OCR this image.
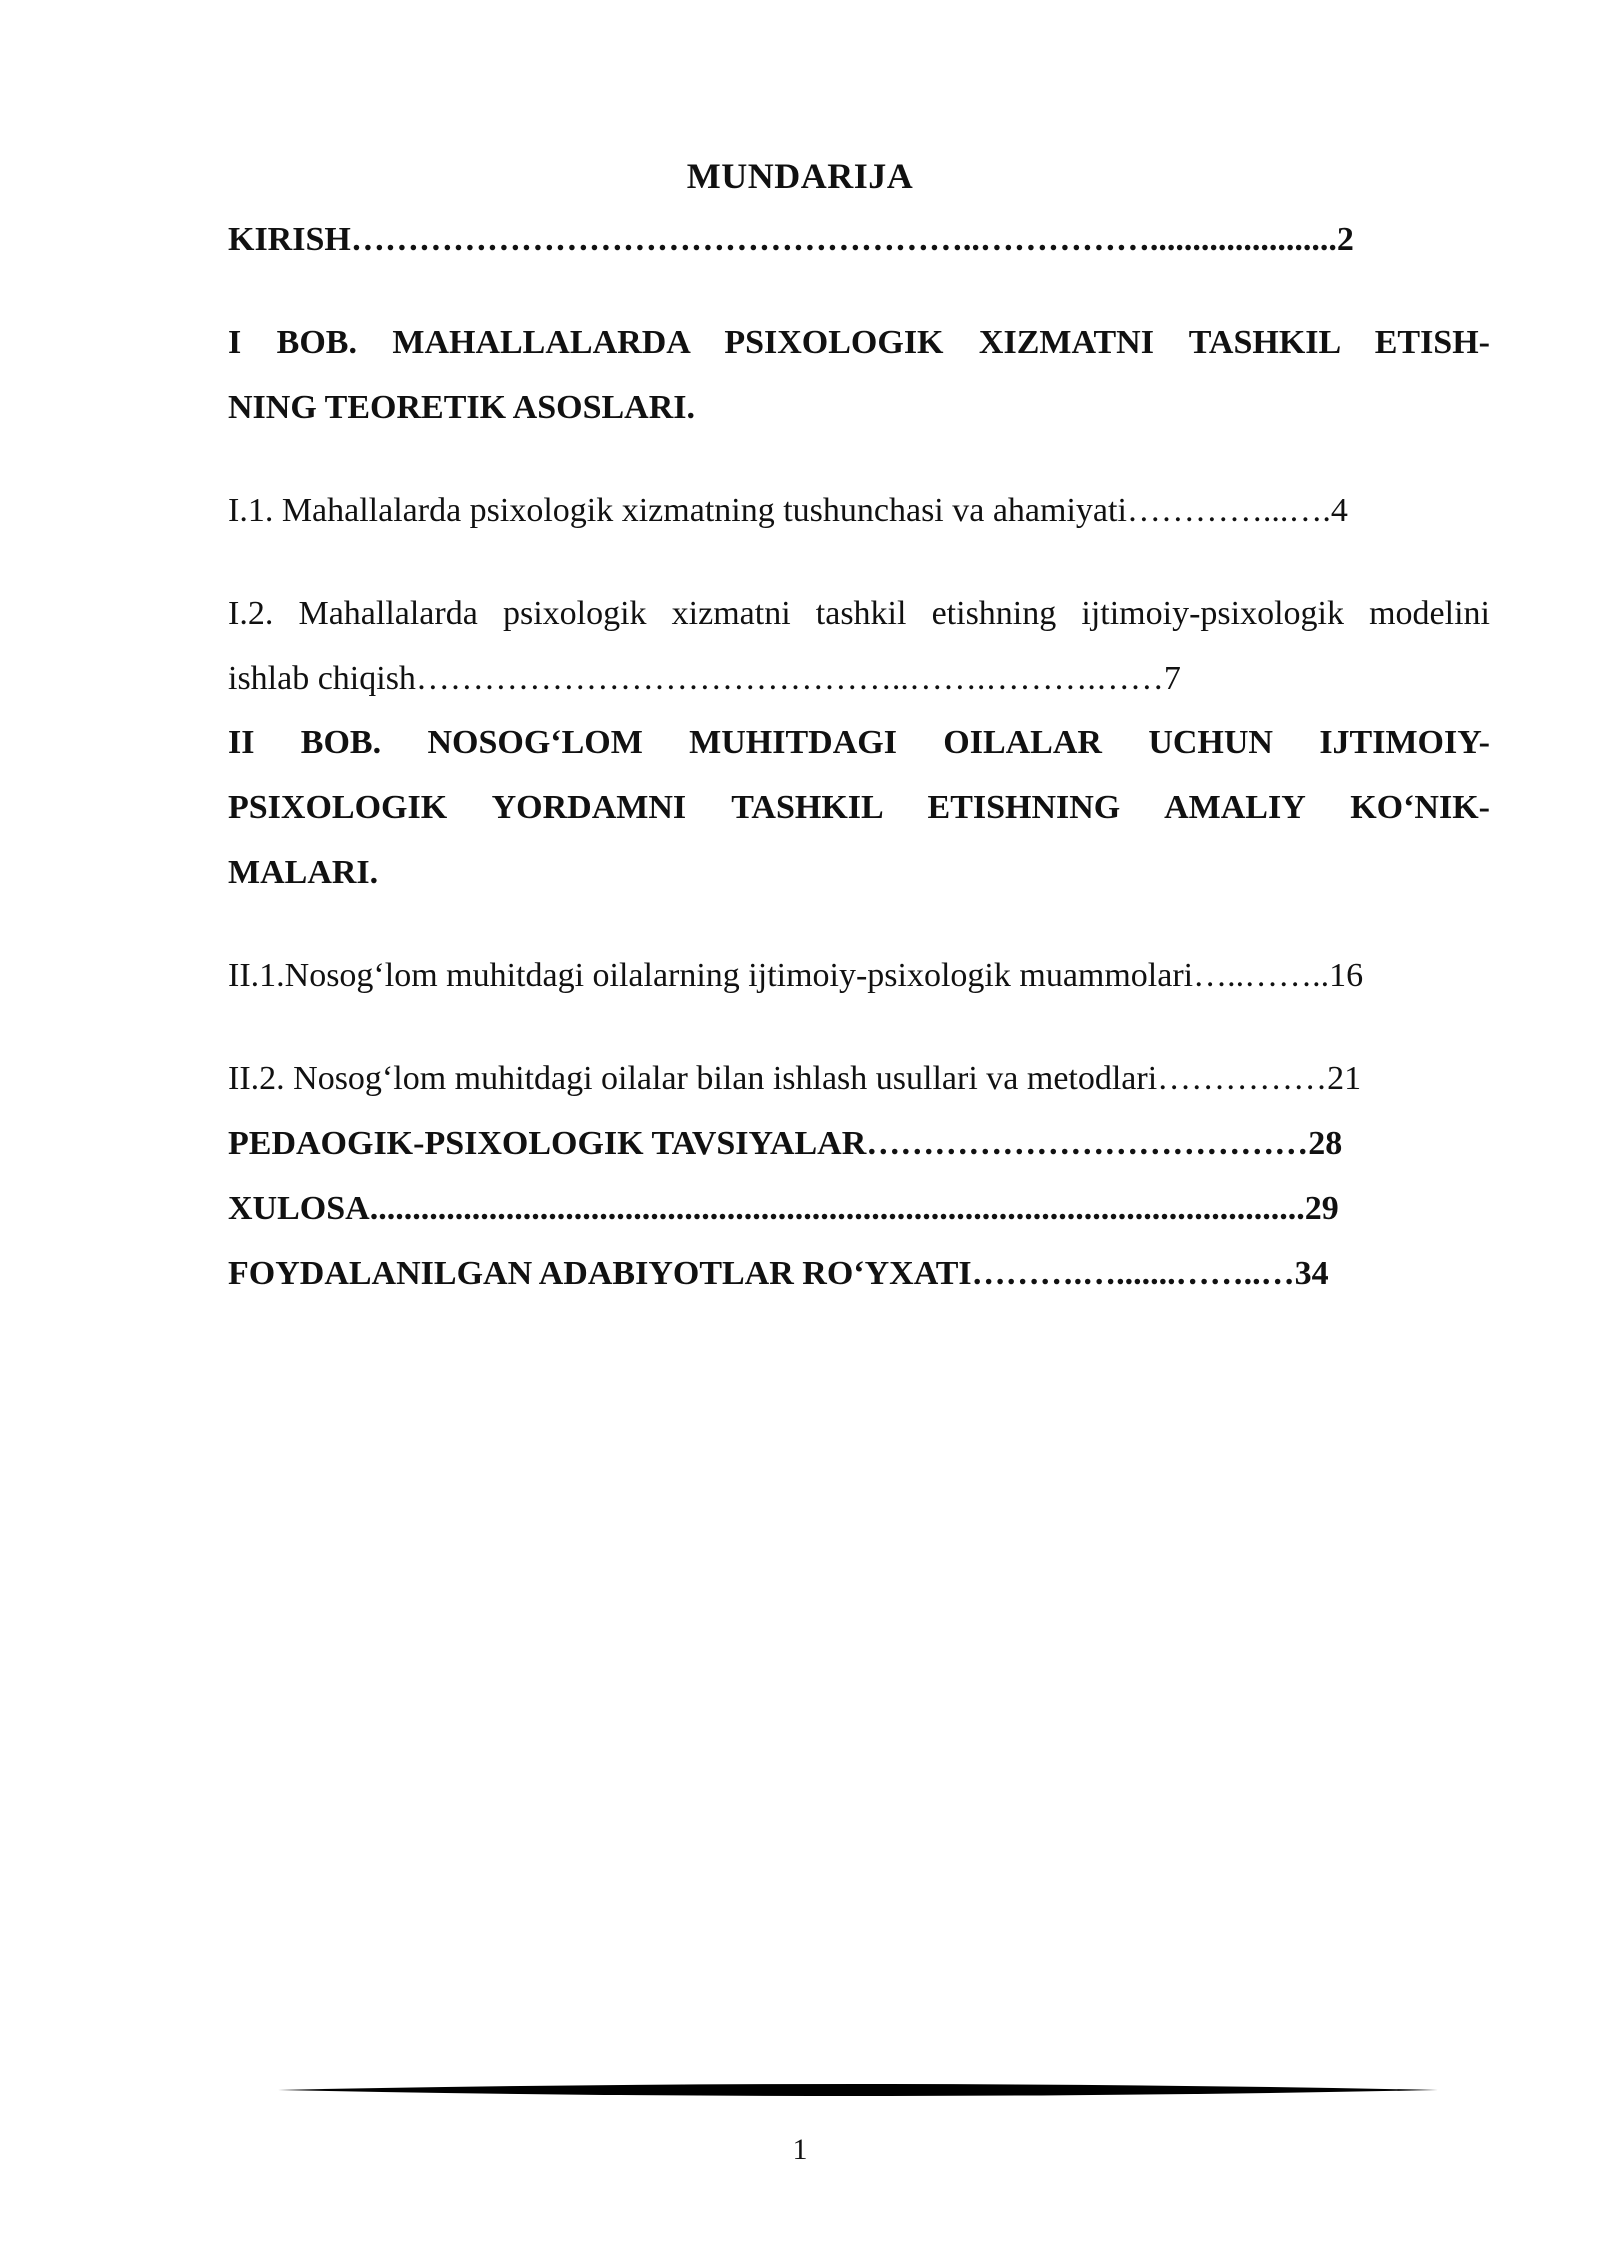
MUNDARIJA
KIRISH………………………………………………..……………......................2
I BOB. MAHALLALARDA PSIXOLOGIK XIZMATNI TASHKIL ETISH-
NING TEORETIK ASOSLARI.
I.1. Mahallalarda psixologik xizmatning tushunchasi va ahamiyati…………...….4
I.2. Mahallalarda psixologik xizmatni tashkil etishning ijtimoiy-psixologik modelini
ishlab chiqish……………………………………..…….……….……7
II BOB. NOSOG‘LOM MUHITDAGI OILALAR UCHUN IJTIMOIY-
PSIXOLOGIK YORDAMNI TASHKIL ETISHNING AMALIY KO‘NIK-
MALARI.
II.1.Nosog‘lom muhitdagi oilalarning ijtimoiy-psixologik muammolari…..……..16
II.2. Nosog‘lom muhitdagi oilalar bilan ishlash usullari va metodlari……………21
PEDAOGIK-PSIXOLOGIK TAVSIYALAR…………………………………28
XULOSA..............................................................................................................29
FOYDALANILGAN ADABIYOTLAR RO‘YXATI……….….......……..…34
1
